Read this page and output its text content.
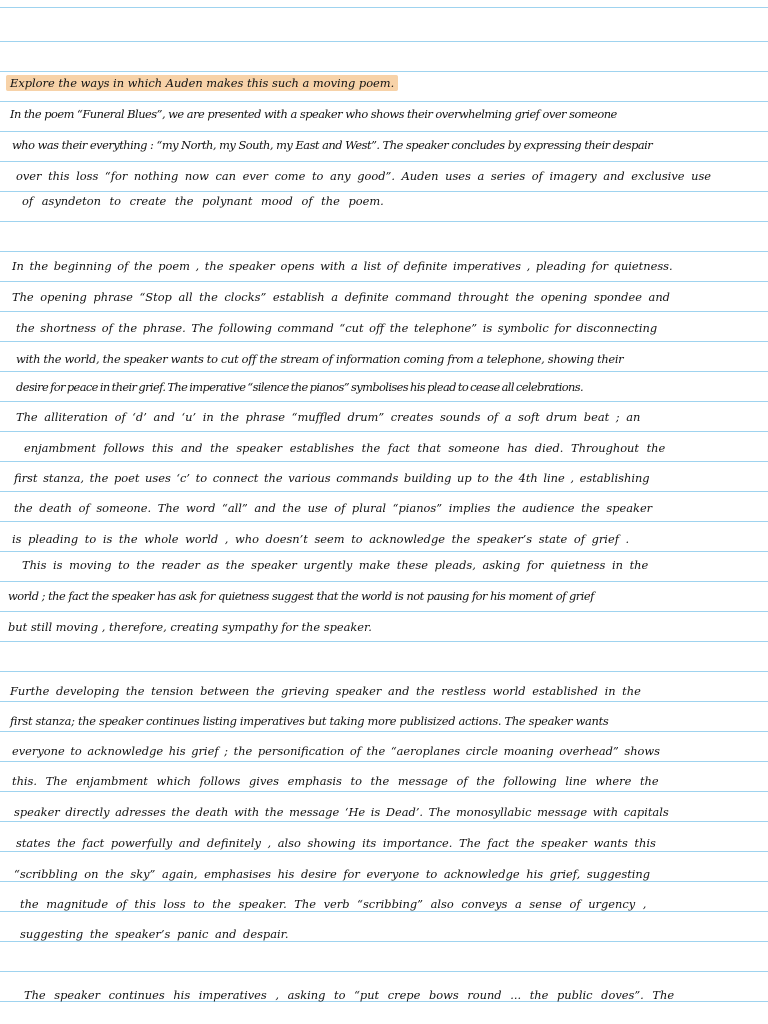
Explore the ways in which Auden makes this such a moving poem.
In the poem “Funeral Blues”, we are presented with a speaker who shows their overwhelming grief over someone
who was their everything : “my North, my South, my East and West”. The speaker concludes by expressing their despair
over this loss “for nothing now can ever come to any good”. Auden uses a series of imagery and exclusive use
of asyndeton to create the polynant mood of the poem.
In the beginning of the poem , the speaker opens with a list of definite imperatives , pleading for quietness.
The opening phrase “Stop all the clocks” establish a definite command throught the opening spondee and
the shortness of the phrase. The following command “cut off the telephone” is symbolic for disconnecting
with the world, the speaker wants to cut off the stream of information coming from a telephone, showing their
desire for peace in their grief. The imperative “silence the pianos” symbolises his plead to cease all celebrations.
The alliteration of ‘d’ and ‘u’ in the phrase “muffled drum” creates sounds of a soft drum beat ; an
enjambment follows this and the speaker establishes the fact that someone has died. Throughout the
first stanza, the poet uses ‘c’ to connect the various commands building up to the 4th line , establishing
the death of someone. The word “all” and the use of plural “pianos” implies the audience the speaker
is pleading to is the whole world , who doesn’t seem to acknowledge the speaker’s state of grief .
This is moving to the reader as the speaker urgently make these pleads, asking for quietness in the
world ; the fact the speaker has ask for quietness suggest that the world is not pausing for his moment of grief
but still moving , therefore, creating sympathy for the speaker.
Furthe developing the tension between the grieving speaker and the restless world established in the
first stanza; the speaker continues listing imperatives but taking more publisized actions. The speaker wants
everyone to acknowledge his grief ; the personification of the “aeroplanes circle moaning overhead” shows
this. The enjambment which follows gives emphasis to the message of the following line where the
speaker directly adresses the death with the message ‘He is Dead’. The monosyllabic message with capitals
states the fact powerfully and definitely , also showing its importance. The fact the speaker wants this
“scribbling on the sky” again, emphasises his desire for everyone to acknowledge his grief, suggesting
the magnitude of this loss to the speaker. The verb “scribbing” also conveys a sense of urgency ,
suggesting the speaker’s panic and despair.
The speaker continues his imperatives , asking to “put crepe bows round ... the public doves”. The
